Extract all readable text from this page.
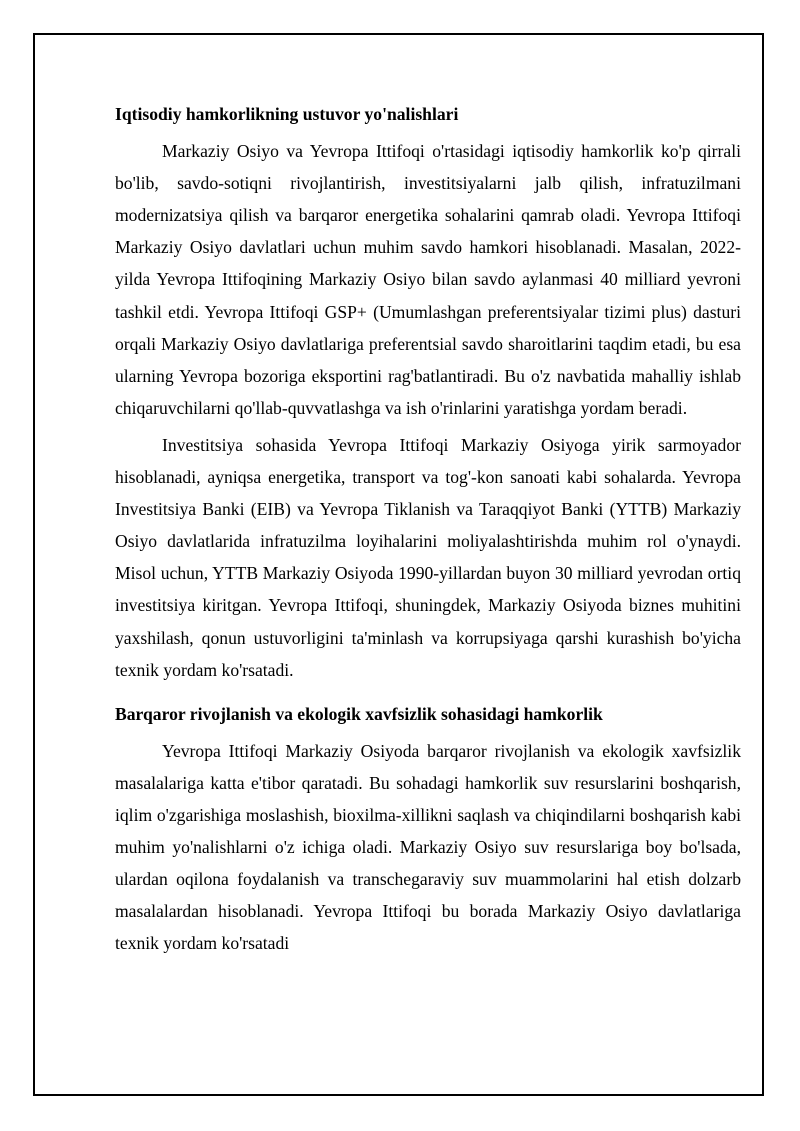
Iqtisodiy hamkorlikning ustuvor yo'nalishlari
Markaziy Osiyo va Yevropa Ittifoqi o'rtasidagi iqtisodiy hamkorlik ko'p qirrali bo'lib, savdo-sotiqni rivojlantirish, investitsiyalarni jalb qilish, infratuzilmani modernizatsiya qilish va barqaror energetika sohalarini qamrab oladi. Yevropa Ittifoqi Markaziy Osiyo davlatlari uchun muhim savdo hamkori hisoblanadi. Masalan, 2022-yilda Yevropa Ittifoqining Markaziy Osiyo bilan savdo aylanmasi 40 milliard yevroni tashkil etdi. Yevropa Ittifoqi GSP+ (Umumlashgan preferentsiyalar tizimi plus) dasturi orqali Markaziy Osiyo davlatlariga preferentsial savdo sharoitlarini taqdim etadi, bu esa ularning Yevropa bozoriga eksportini rag'batlantiradi. Bu o'z navbatida mahalliy ishlab chiqaruvchilarni qo'llab-quvvatlashga va ish o'rinlarini yaratishga yordam beradi.
Investitsiya sohasida Yevropa Ittifoqi Markaziy Osiyoga yirik sarmoyador hisoblanadi, ayniqsa energetika, transport va tog'-kon sanoati kabi sohalarda. Yevropa Investitsiya Banki (EIB) va Yevropa Tiklanish va Taraqqiyot Banki (YTTB) Markaziy Osiyo davlatlarida infratuzilma loyihalarini moliyalashtirishda muhim rol o'ynaydi. Misol uchun, YTTB Markaziy Osiyoda 1990-yillardan buyon 30 milliard yevrodan ortiq investitsiya kiritgan. Yevropa Ittifoqi, shuningdek, Markaziy Osiyoda biznes muhitini yaxshilash, qonun ustuvorligini ta'minlash va korrupsiyaga qarshi kurashish bo'yicha texnik yordam ko'rsatadi.
Barqaror rivojlanish va ekologik xavfsizlik sohasidagi hamkorlik
Yevropa Ittifoqi Markaziy Osiyoda barqaror rivojlanish va ekologik xavfsizlik masalalariga katta e'tibor qaratadi. Bu sohadagi hamkorlik suv resurslarini boshqarish, iqlim o'zgarishiga moslashish, bioxilma-xillikni saqlash va chiqindilarni boshqarish kabi muhim yo'nalishlarni o'z ichiga oladi. Markaziy Osiyo suv resurslariga boy bo'lsada, ulardan oqilona foydalanish va transchegaraviy suv muammolarini hal etish dolzarb masalalardan hisoblanadi. Yevropa Ittifoqi bu borada Markaziy Osiyo davlatlariga texnik yordam ko'rsatadi
